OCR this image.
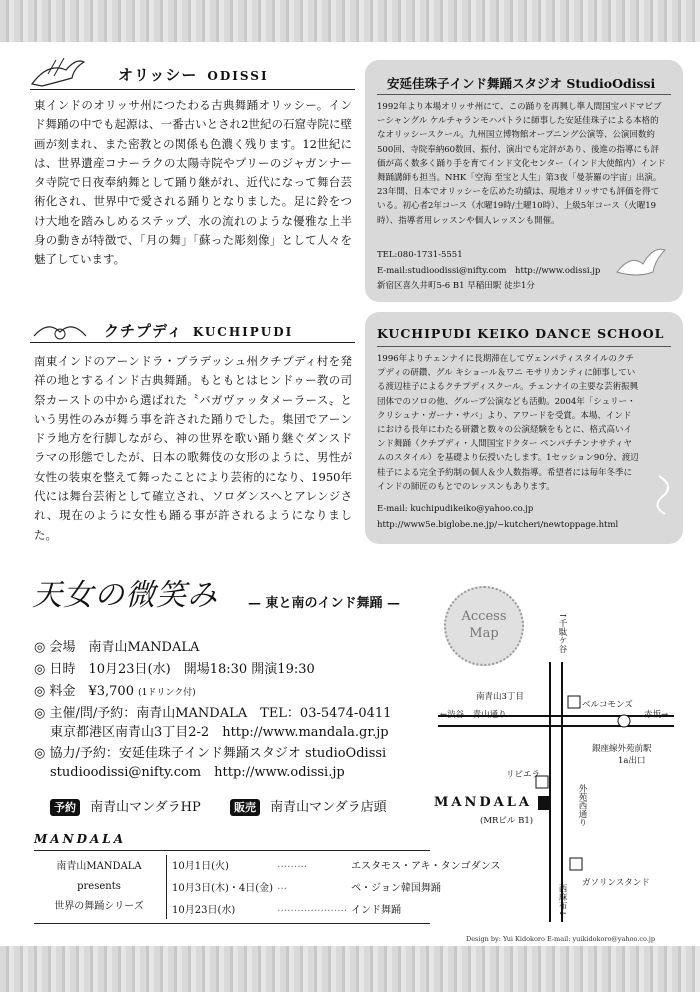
オリッシー ODISSI
東インドのオリッサ州につたわる古典舞踊オリッシー。インド舞踊の中でも起源は、一番古いとされ2世紀の石窟寺院に壁画が刻まれ、また密教との関係も色濃く残ります。12世紀には、世界遺産コナーラクの太陽寺院やプリーのジャガンナータ寺院で日夜奉納舞として踊り継がれ、近代になって舞台芸術化され、世界中で愛される踊りとなりました。足に鈴をつけ大地を踏みしめるステップ、水の流れのような優雅な上半身の動きが特徴で、「月の舞」「蘇った彫刻像」として人々を魅了しています。
安延佳珠子インド舞踊スタジオ StudioOdissi
1992年より本場オリッサ州にて、この踊りを再興し準人間国宝パドマビブーシャングル ケルチャランモハパトラに師事した安延佳珠子による本格的なオリッシースクール。九州国立博物館オープニング公演等、公演回数約500回、寺院奉納60数回、振付、演出でも定評があり、後進の指導にも評価が高く数多く踊り手を育てインド文化センター（インド大使館内）インド舞踊講師も担当。NHK「空海 至宝と人生」第3夜「曼荼羅の宇宙」出演。23年間、日本でオリッシーを広めた功績は、現地オリッサでも評価を得ている。初心者2年コース（水曜19時/土曜10時）、上級5年コース（火曜19時）、指導者用レッスンや個人レッスンも開催。
TEL:080-1731-5551
E-mail:studioodissi@nifty.com　http://www.odissi.jp
新宿区喜久井町5-6 B1 早稲田駅 徒歩1分
クチプディ KUCHIPUDI
南東インドのアーンドラ・プラデッシュ州クチプディ村を発祥の地とするインド古典舞踊。もともとはヒンドゥー教の司祭カーストの中から選ばれた〝バガヴァッタメーラース〟という男性のみが舞う事を許された踊りでした。集団でアーンドラ地方を行脚しながら、神の世界を歌い踊り継ぐダンスドラマの形態でしたが、日本の歌舞伎の女形のように、男性が女性の装束を整えて舞ったことにより芸術的になり、1950年代には舞台芸術として確立され、ソロダンスへとアレンジされ、現在のように女性も踊る事が許されるようになりました。
KUCHIPUDI KEIKO DANCE SCHOOL
1996年よりチェンナイに長期滞在してヴェンパティスタイルのクチプディの研鑽、グル キショール＆ワニ モサリカンティに師事している渡辺桂子によるクチプディスクール。チェンナイの主要な芸術振興団体でのソロの他、グループ公演なども活動。2004年「シュリー・クリシュナ・ガーナ・サバ」より、アワードを受賞。本場、インドにおける長年にわたる研鑽と数々の公演経験をもとに、格式高いインド舞踊（クチプディ・人間国宝ドクター ベンパチチンナサティヤムのスタイル）を基礎より伝授いたします。1セッション90分、渡辺桂子による完全予約制の個人＆少人数指導。希望者には毎年冬季にインドの師匠のもとでのレッスンもあります。
E-mail: kuchipudikeiko@yahoo.co.jp
http://www5e.biglobe.ne.jp/~kutcheri/newtoppage.html
天女の微笑み — 東と南のインド舞踊 —
◎ 会場　南青山MANDALA
◎ 日時　10月23日(水)　開場18:30 開演19:30
◎ 料金　¥3,700 (1ドリンク付)
◎ 主催/問/予約：南青山MANDALA　TEL：03-5474-0411
東京都港区南青山3丁目2-2　http://www.mandala.gr.jp
◎ 協力/予約：安延佳珠子インド舞踊スタジオ studioOdissi
studioodissi@nifty.com　http://www.odissi.jp
予約 南青山マンダラHP	販売 南青山マンダラ店頭
MANDALA
南青山MANDALA
presents
世界の舞踊シリーズ
10月1日(火)	………	エスタモス・アキ・タンゴダンス
10月3日(木)・4日(金)	…	ペ・ジョン韓国舞踊
10月23日(水)	…………………	インド舞踊
Access
Map	↑千駄ケ谷
南青山3丁目
ベルコモンズ
←渋谷　青山通り	赤坂→
銀座線外苑前駅
1a出口
リビエラ
MANDALA
(MRビル B1)	外苑西通り
ガソリンスタンド
西麻布↓
Design by: Yui Kidokoro E-mail: yuikidokoro@yahoo.co.jp
